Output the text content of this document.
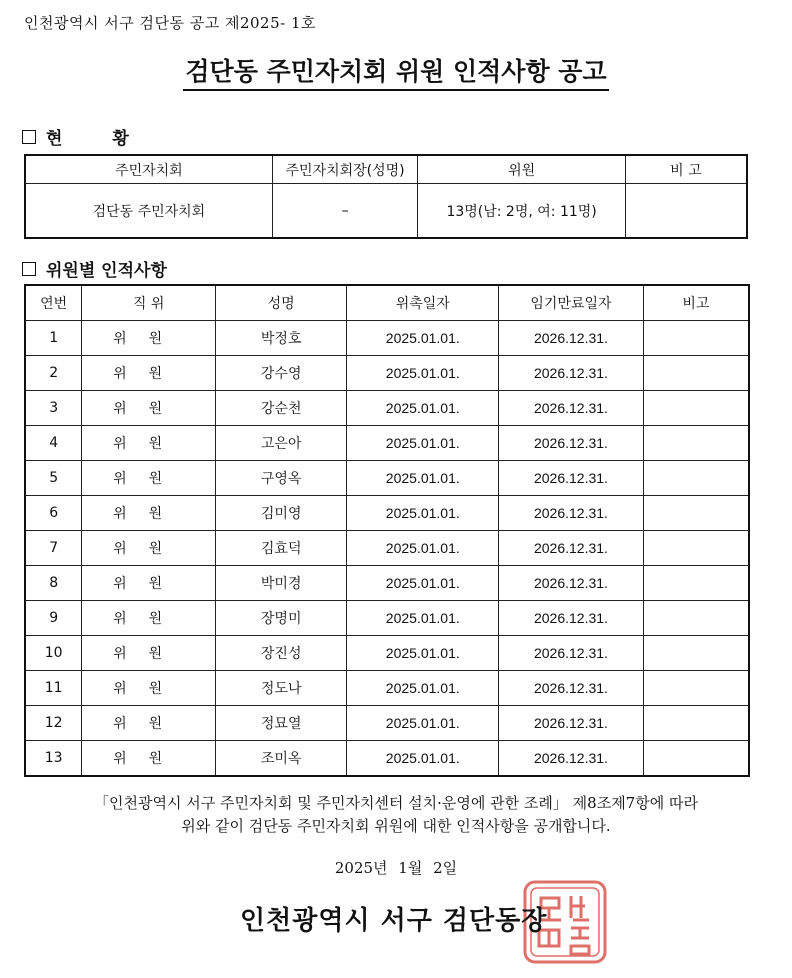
인천광역시 서구 검단동 공고 제2025- 1호
검단동 주민자치회 위원 인적사항 공고
현 황
주민자치회	주민자치회장(성명)	위원	비 고
검단동 주민자치회	–	13명(남: 2명, 여: 11명)	
위원별 인적사항
연번	직 위	성명	위촉일자	임기만료일자	비고
1	위원	박정호	2025.01.01.	2026.12.31.	
2	위원	강수영	2025.01.01.	2026.12.31.	
3	위원	강순천	2025.01.01.	2026.12.31.	
4	위원	고은아	2025.01.01.	2026.12.31.	
5	위원	구영옥	2025.01.01.	2026.12.31.	
6	위원	김미영	2025.01.01.	2026.12.31.	
7	위원	김효덕	2025.01.01.	2026.12.31.	
8	위원	박미경	2025.01.01.	2026.12.31.	
9	위원	장명미	2025.01.01.	2026.12.31.	
10	위원	장진성	2025.01.01.	2026.12.31.	
11	위원	정도나	2025.01.01.	2026.12.31.	
12	위원	정묘열	2025.01.01.	2026.12.31.	
13	위원	조미옥	2025.01.01.	2026.12.31.	
「인천광역시 서구 주민자치회 및 주민자치센터 설치·운영에 관한 조례」 제8조제7항에 따라
위와 같이 검단동 주민자치회 위원에 대한 인적사항을 공개합니다.
2025년 1월 2일
인천광역시 서구 검단동장
